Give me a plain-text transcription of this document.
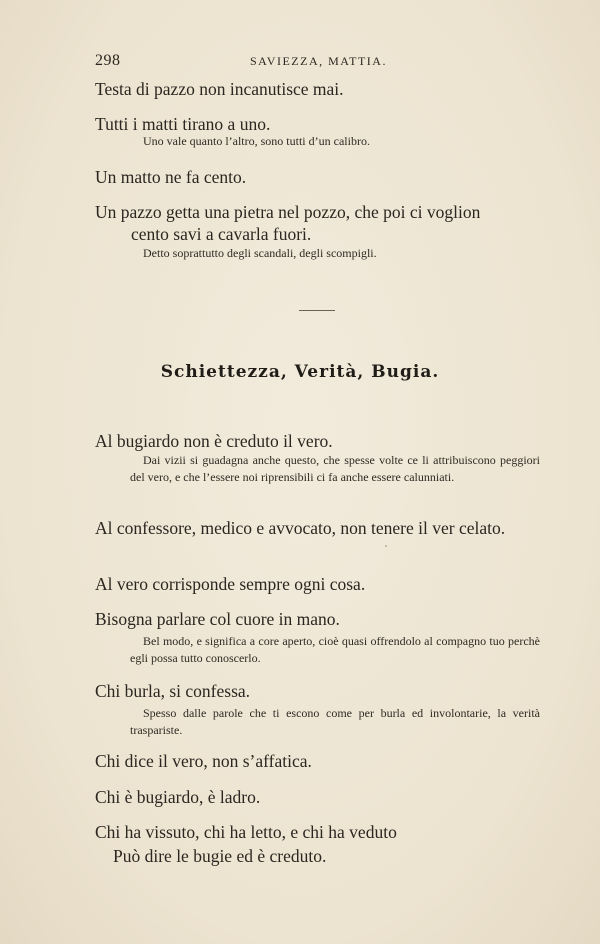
298	SAVIEZZA, MATTIA.
Testa di pazzo non incanutisce mai.
Tutti i matti tirano a uno.
Uno vale quanto l’altro, sono tutti d’un calibro.
Un matto ne fa cento.
Un pazzo getta una pietra nel pozzo, che poi ci voglion
cento savi a cavarla fuori.
Detto soprattutto degli scandali, degli scompigli.
Schiettezza, Verità, Bugia.
Al bugiardo non è creduto il vero.
Dai vizii si guadagna anche questo, che spesse volte ce li attribuiscono peggiori del vero, e che l’essere noi riprensibili ci fa anche essere calunniati.
Al confessore, medico e avvocato, non tenere il ver celato.
Al vero corrisponde sempre ogni cosa.
Bisogna parlare col cuore in mano.
Bel modo, e significa a core aperto, cioè quasi offrendolo al compagno tuo perchè egli possa tutto conoscerlo.
Chi burla, si confessa.
Spesso dalle parole che ti escono come per burla ed involontarie, la verità traspariste.
Chi dice il vero, non s’affatica.
Chi è bugiardo, è ladro.
Chi ha vissuto, chi ha letto, e chi ha veduto
Può dire le bugie ed è creduto.
